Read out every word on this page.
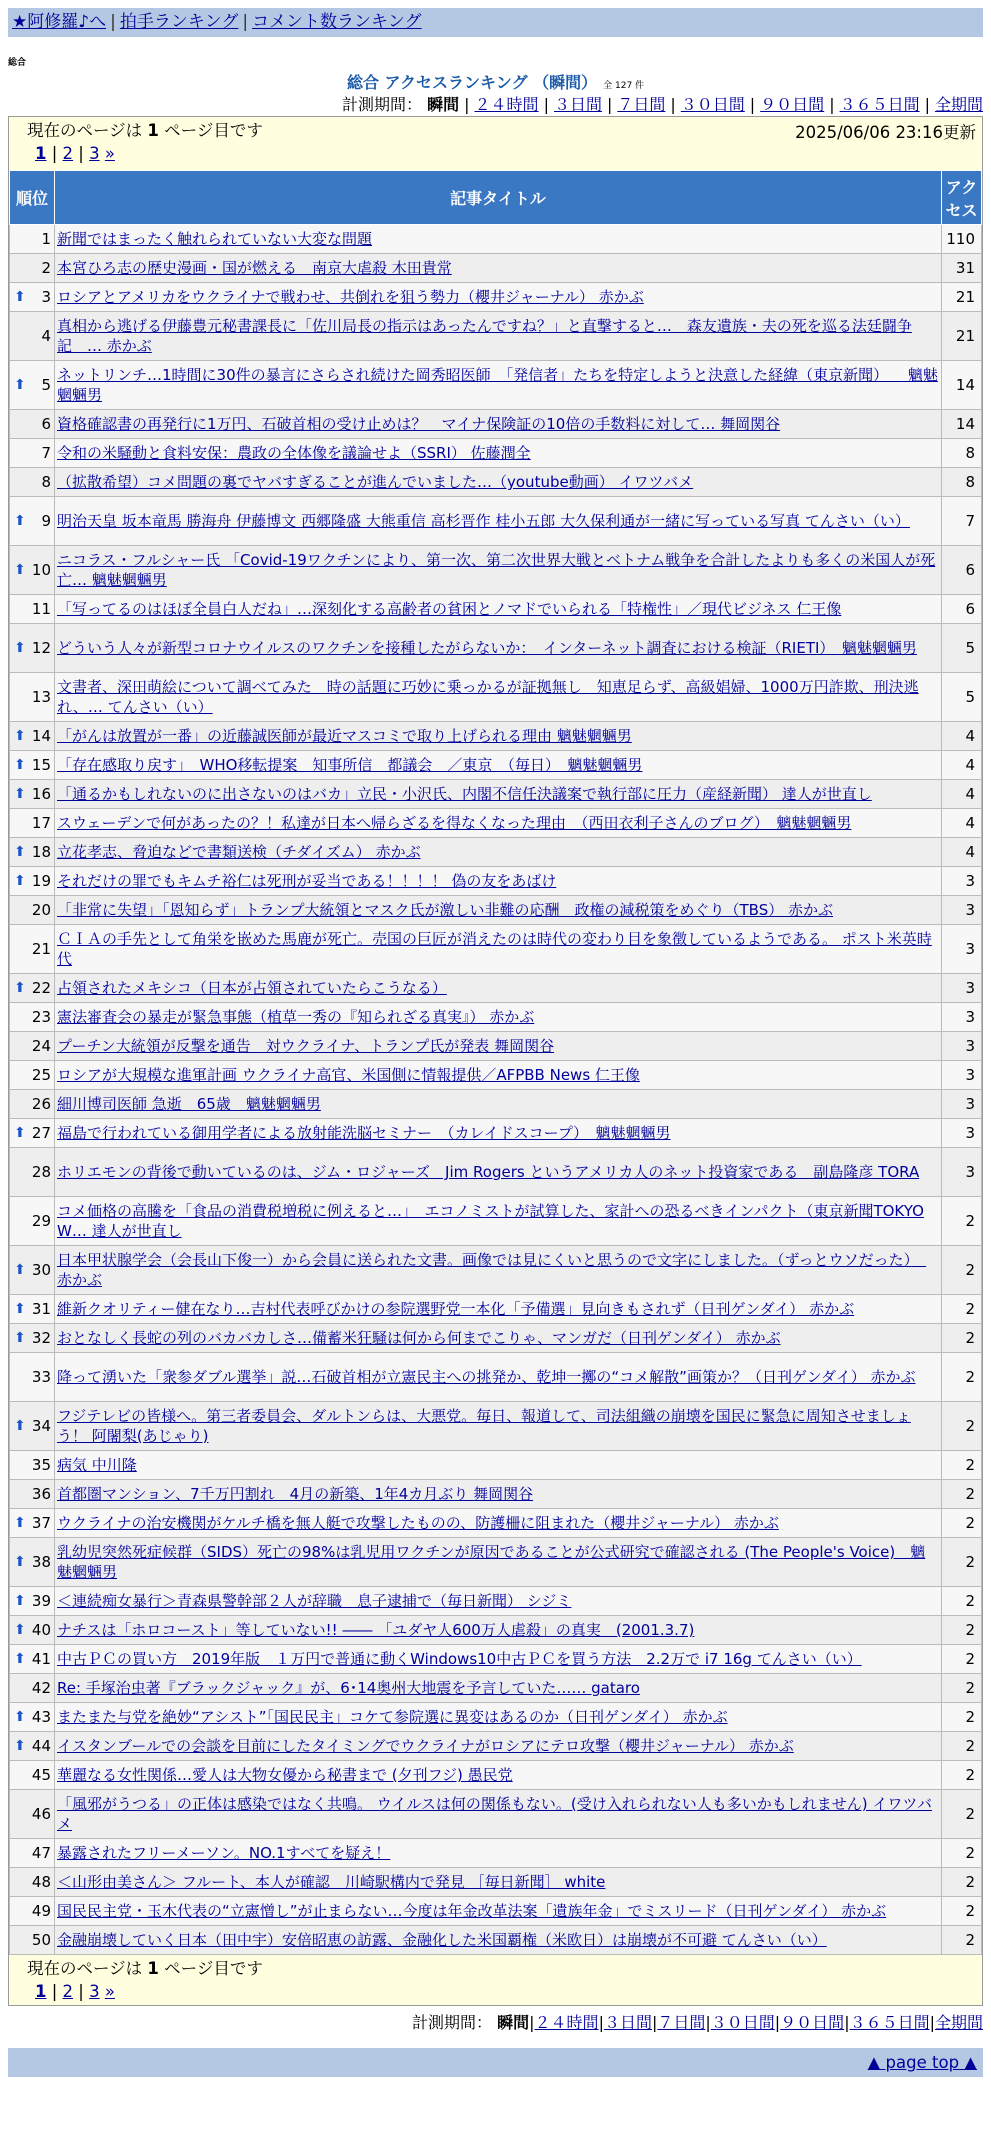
★阿修羅♪へ | 拍手ランキング | コメント数ランキング
総合
総合 アクセスランキング （瞬間） 全 127 件
計測期間： 瞬間 | ２４時間 | ３日間 | ７日間 | ３０日間 | ９０日間 | ３６５日間 | 全期間
現在のページは 1 ページ目です	2025/06/06 23:16更新
1 | 2 | 3 »
順位	記事タイトル	アクセス
1	新聞ではまったく触れられていない大変な問題	110
2	本宮ひろ志の歴史漫画・国が燃える　南京大虐殺 木田貴常	31

⬆ 3	ロシアとアメリカをウクライナで戦わせ、共倒れを狙う勢力（櫻井ジャーナル） 赤かぶ	21
4	真相から逃げる伊藤豊元秘書課長に「佐川局長の指示はあったんですね？」と直撃すると…　森友遺族・夫の死を巡る法廷闘争記　… 赤かぶ	21

⬆ 5	ネットリンチ…1時間に30件の暴言にさらされ続けた岡秀昭医師　「発信者」たちを特定しようと決意した経緯（東京新聞） 　魑魅魍魎男	14
6	資格確認書の再発行に1万円、石破首相の受け止めは？　マイナ保険証の10倍の手数料に対して… 舞岡関谷	14
7	令和の米騒動と食料安保：農政の全体像を議論せよ（SSRI） 佐藤潤全	8
8	（拡散希望）コメ問題の裏でヤバすぎることが進んでいました…（youtube動画） イワツバメ	8

⬆ 9	明治天皇 坂本竜馬 勝海舟 伊藤博文 西郷隆盛 大熊重信 高杉晋作 桂小五郎 大久保利通が一緒に写っている写真 てんさい（い）	7

⬆ 10	ニコラス・フルシャー氏 「Covid-19ワクチンにより、第一次、第二次世界大戦とベトナム戦争を合計したよりも多くの米国人が死亡… 魑魅魍魎男	6
11	「写ってるのはほぼ全員白人だね」…深刻化する高齢者の貧困とノマドでいられる「特権性」／現代ビジネス 仁王像	6

⬆ 12	どういう人々が新型コロナウイルスのワクチンを接種したがらないか：　インターネット調査における検証（RIETI）　魑魅魍魎男	5
13	文書者、深田萌絵について調べてみた　時の話題に巧妙に乗っかるが証拠無し　知恵足らず、高級娼婦、1000万円詐欺、刑決逃れ、… てんさい（い）	5

⬆ 14	「がんは放置が一番」の近藤誠医師が最近マスコミで取り上げられる理由 魑魅魍魎男	4

⬆ 15	「存在感取り戻す」　WHO移転提案　知事所信　都議会　／東京　（毎日）　魑魅魍魎男	4

⬆ 16	「通るかもしれないのに出さないのはバカ」立民・小沢氏、内閣不信任決議案で執行部に圧力（産経新聞） 達人が世直し	4
17	スウェーデンで何があったの？！私達が日本へ帰らざるを得なくなった理由　（西田衣利子さんのブログ）　魑魅魍魎男	4

⬆ 18	立花孝志、脅迫などで書類送検（チダイズム） 赤かぶ	4

⬆ 19	それだけの罪でもキムチ裕仁は死刑が妥当である！！！！ 偽の友をあばけ	3
20	「非常に失望」「恩知らず」トランプ大統領とマスク氏が激しい非難の応酬　政権の減税策をめぐり（TBS） 赤かぶ	3
21	ＣＩＡの手先として角栄を嵌めた馬鹿が死亡。売国の巨匠が消えたのは時代の変わり目を象徴しているようである。 ポスト米英時代	3

⬆ 22	占領されたメキシコ（日本が占領されていたらこうなる）	3
23	憲法審査会の暴走が緊急事態（植草一秀の『知られざる真実』） 赤かぶ	3
24	プーチン大統領が反撃を通告　対ウクライナ、トランプ氏が発表 舞岡関谷	3
25	ロシアが大規模な進軍計画 ウクライナ高官、米国側に情報提供／AFPBB News 仁王像	3
26	細川博司医師 急逝　65歳　魑魅魍魎男	3

⬆ 27	福島で行われている御用学者による放射能洗脳セミナー　（カレイドスコープ）　魑魅魍魎男	3
28	ホリエモンの背後で動いているのは、ジム・ロジャーズ　Jim Rogers というアメリカ人のネット投資家である　副島隆彦 TORA	3
29	コメ価格の高騰を「食品の消費税増税に例えると…」　エコノミストが試算した、家計への恐るべきインパクト（東京新聞TOKYO W… 達人が世直し	2

⬆ 30	日本甲状腺学会（会長山下俊一）から会員に送られた文書。画像では見にくいと思うので文字にしました。（ずっとウソだった）　赤かぶ	2

⬆ 31	維新クオリティー健在なり…吉村代表呼びかけの参院選野党一本化「予備選」見向きもされず（日刊ゲンダイ） 赤かぶ	2

⬆ 32	おとなしく長蛇の列のバカバカしさ…備蓄米狂騒は何から何までこりゃ、マンガだ（日刊ゲンダイ） 赤かぶ	2
33	降って湧いた「衆参ダブル選挙」説…石破首相が立憲民主への挑発か、乾坤一擲の“コメ解散”画策か？（日刊ゲンダイ） 赤かぶ	2

⬆ 34	フジテレビの皆様へ。第三者委員会、ダルトンらは、大悪党。毎日、報道して、司法組織の崩壊を国民に緊急に周知させましょう！ 阿闍梨(あじゃり)	2
35	病気 中川隆	2
36	首都圏マンション、7千万円割れ　4月の新築、1年4カ月ぶり 舞岡関谷	2

⬆ 37	ウクライナの治安機関がケルチ橋を無人艇で攻撃したものの、防護柵に阻まれた（櫻井ジャーナル） 赤かぶ	2

⬆ 38	乳幼児突然死症候群（SIDS）死亡の98%は乳児用ワクチンが原因であることが公式研究で確認される (The People's Voice)　魑魅魍魎男	2

⬆ 39	＜連続痴女暴行＞青森県警幹部２人が辞職　息子逮捕で（毎日新聞） シジミ	2

⬆ 40	ナチスは「ホロコースト」等していない!! ―― 「ユダヤ人600万人虐殺」の真実　(2001.3.7)	2

⬆ 41	中古ＰＣの買い方　2019年版　１万円で普通に動くWindows10中古ＰＣを買う方法　2.2万で i7 16g てんさい（い）	2
42	Re: 手塚治虫著『ブラックジャック』が、6･14奥州大地震を予言していた…… gataro	2

⬆ 43	またまた与党を絶妙“アシスト”「国民民主」コケて参院選に異変はあるのか（日刊ゲンダイ） 赤かぶ	2

⬆ 44	イスタンブールでの会談を目前にしたタイミングでウクライナがロシアにテロ攻撃（櫻井ジャーナル） 赤かぶ	2
45	華麗なる女性関係…愛人は大物女優から秘書まで (夕刊フジ) 愚民党	2
46	「風邪がうつる」の正体は感染ではなく共鳴。 ウイルスは何の関係もない。(受け入れられない人も多いかもしれません) イワツバメ	2
47	暴露されたフリーメーソン。NO.1すべてを疑え！	2
48	＜山形由美さん＞ フルート、本人が確認　川崎駅構内で発見 ［毎日新聞］ white	2
49	国民民主党・玉木代表の“立憲憎し”が止まらない…今度は年金改革法案「遺族年金」でミスリード（日刊ゲンダイ） 赤かぶ	2
50	金融崩壊していく日本（田中宇）安倍昭恵の訪露、金融化した米国覇権（米欧日）は崩壊が不可避 てんさい（い）	2
現在のページは 1 ページ目です
1 | 2 | 3 »
計測期間： 瞬間|２４時間|３日間|７日間|３０日間|９０日間|３６５日間|全期間
▲ page top ▲
